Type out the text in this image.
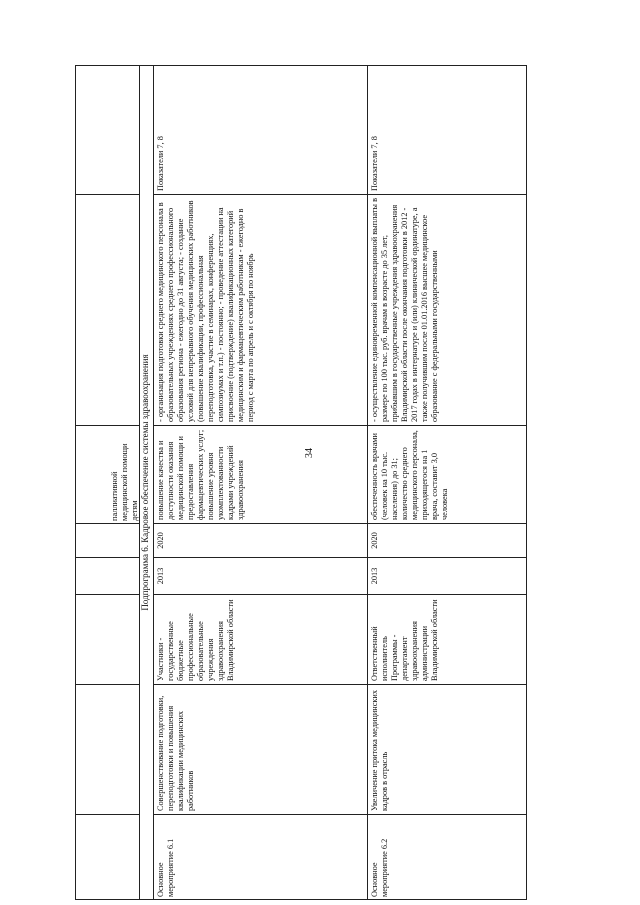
34
паллиативной медицинской помощи детям Подпрограмма 6. Кадровое обеспечение системы здравоохранения
Основное мероприятие 6.1
Совершенствование подготовки, переподготовки и повышения квалификации медицинских работников
Участники - государственные бюджетные профессиональные образовательные учреждения здравоохранения Владимирской области
2013
2020
повышение качества и доступности оказания медицинской помощи и предоставления фармацевтических услуг; повышение уровня укомплектованности кадрами учреждений здравоохранения
- организация подготовки среднего медицинского персонала в образовательных учреждениях среднего профессионального образования региона - ежегодно до 31 августа; - создание условий для непрерывного обучения медицинских работников (повышение квалификации, профессиональная переподготовка, участие в семинарах, конференциях, симпозиумах и т.п.) - постоянно; - проведение аттестации на присвоение (подтверждение) квалификационных категорий медицинским и фармацевтическим работникам - ежегодно в период с марта по апрель и с октября по ноябрь
Показатели 7, 8
Основное мероприятие 6.2
Увеличение притока медицинских кадров в отрасль
Ответственный исполнитель Программы - департамент здравоохранения администрации Владимирской области
2013
2020
обеспеченность врачами (человек на 10 тыс. населения) до 31; количество среднего медицинского персонала, приходящегося на 1 врача, составит 3,0 человека
- осуществление единовременной компенсационной выплаты в размере по 100 тыс. руб. врачам в возрасте до 35 лет, прибывшим в государственные учреждения здравоохранения Владимирской области после окончания подготовки в 2012 - 2017 годах в интернатуре и (или) клинической ординатуре, а также получившим после 01.01.2016 высшее медицинское образование с федеральными государственными
Показатели 7, 8
